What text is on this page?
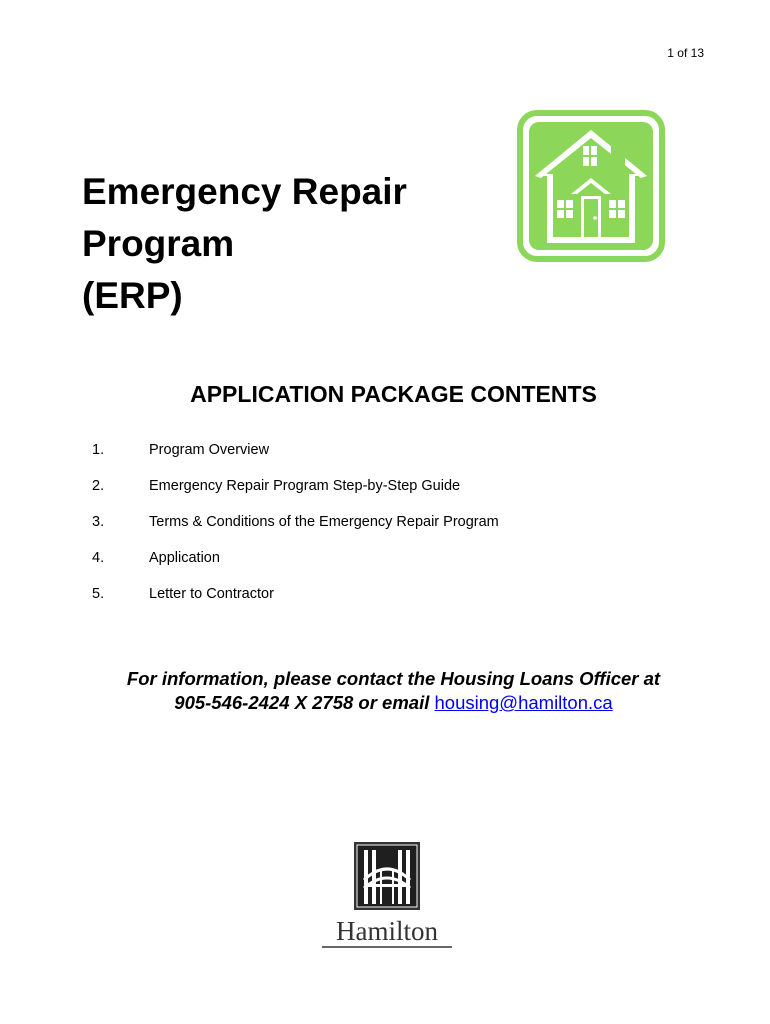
1 of 13
Emergency Repair
Program
(ERP)
APPLICATION PACKAGE CONTENTS
1.	Program Overview
2.	Emergency Repair Program Step-by-Step Guide
3.	Terms & Conditions of the Emergency Repair Program
4.	Application
5.	Letter to Contractor
For information, please contact the Housing Loans Officer at
905-546-2424 X 2758 or email housing@hamilton.ca
Hamilton
